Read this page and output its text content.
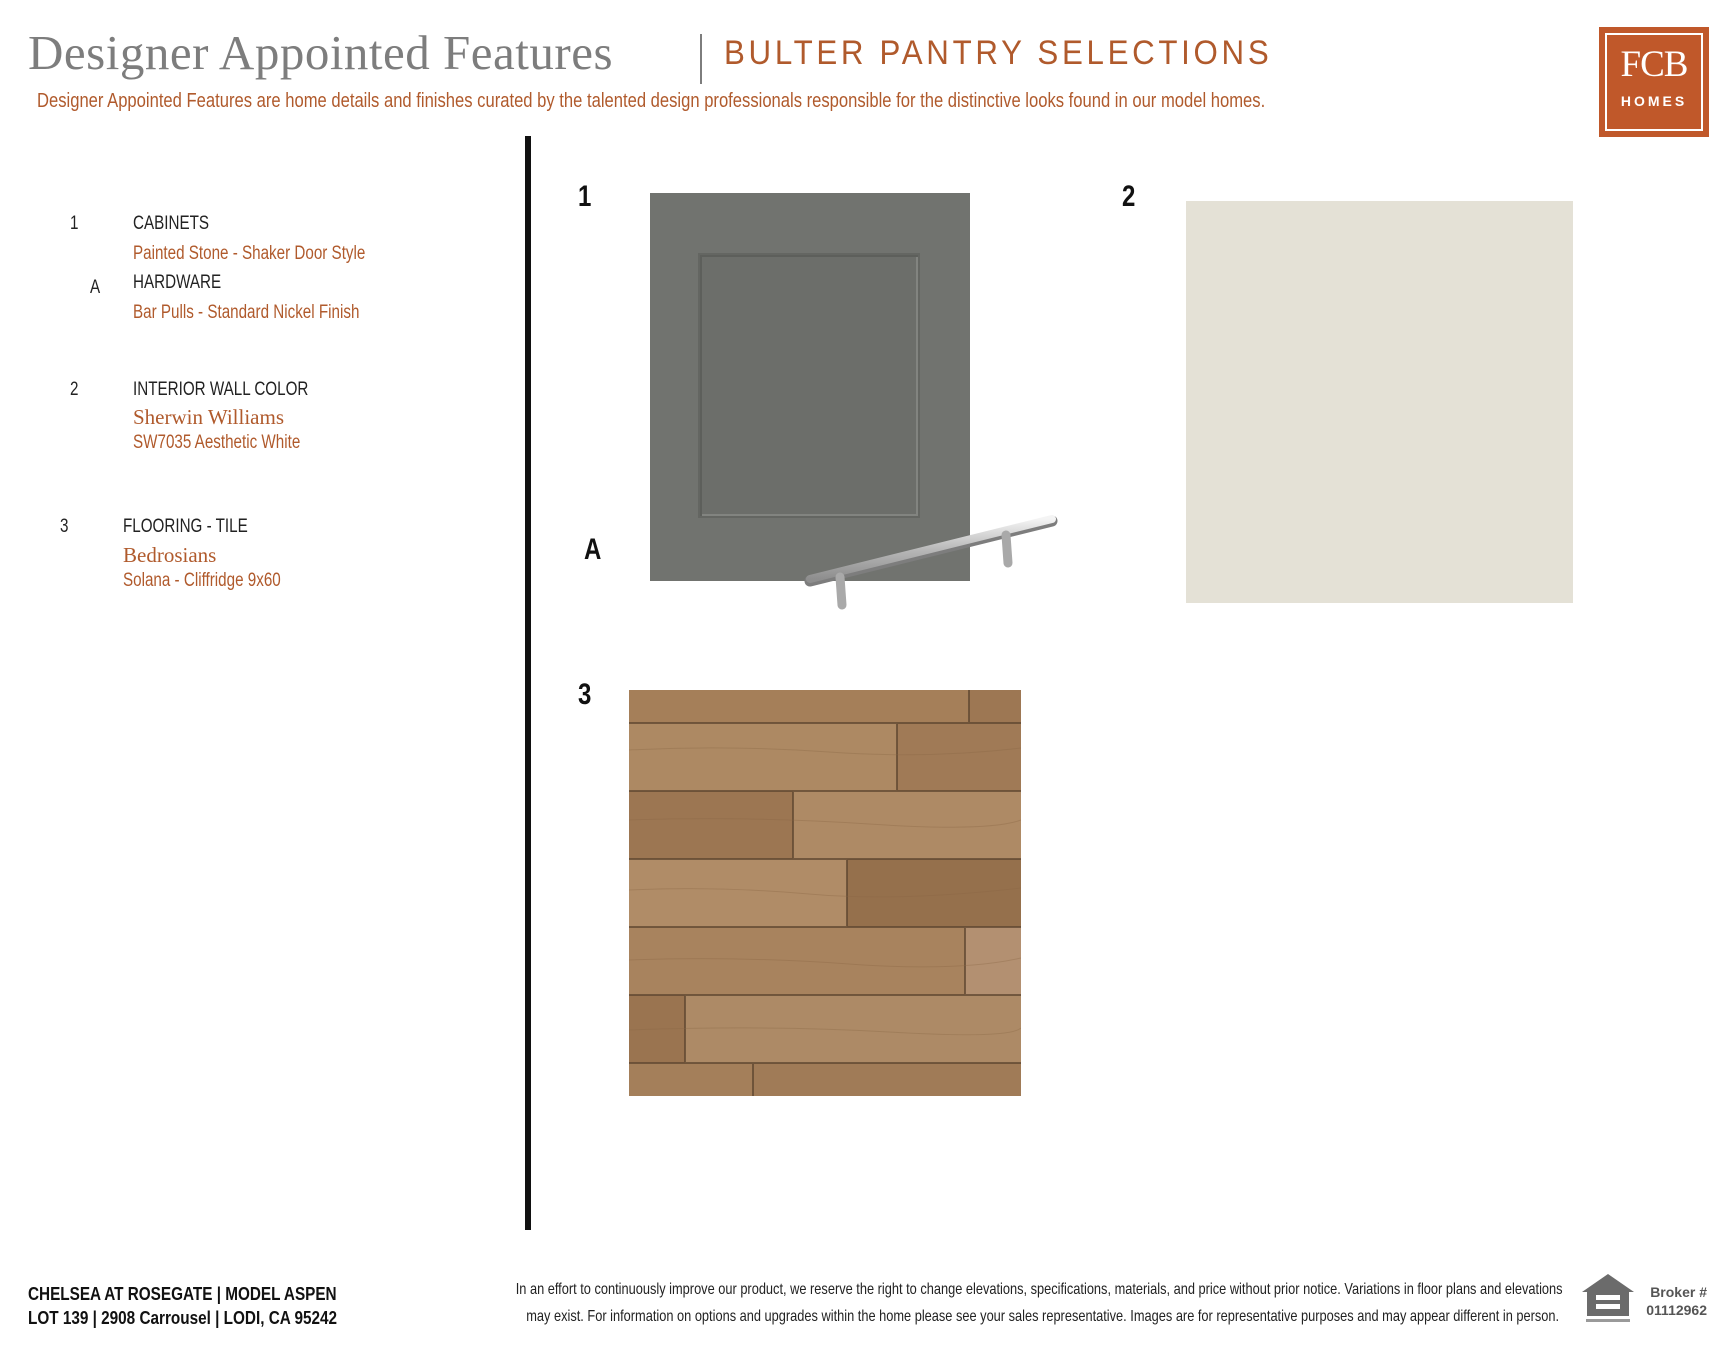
Designer Appointed Features	BULTER PANTRY SELECTIONS
Designer Appointed Features are home details and finishes curated by the talented design professionals responsible for the distinctive looks found in our model homes.
FCB
HOMES
1	CABINETS
Painted Stone - Shaker Door Style
A HARDWARE
Bar Pulls - Standard Nickel Finish
2	INTERIOR WALL COLOR
Sherwin Williams
SW7035 Aesthetic White
3	FLOORING - TILE
Bedrosians
Solana - Cliffridge 9x60
1
A
2
3
CHELSEA AT ROSEGATE | MODEL ASPEN
LOT 139 | 2908 Carrousel | LODI, CA 95242
In an effort to continuously improve our product, we reserve the right to change elevations, specifications, materials, and price without prior notice. Variations in floor plans and elevations
may exist. For information on options and upgrades within the home please see your sales representative. Images are for representative purposes and may appear different in person.
Broker #
01112962
